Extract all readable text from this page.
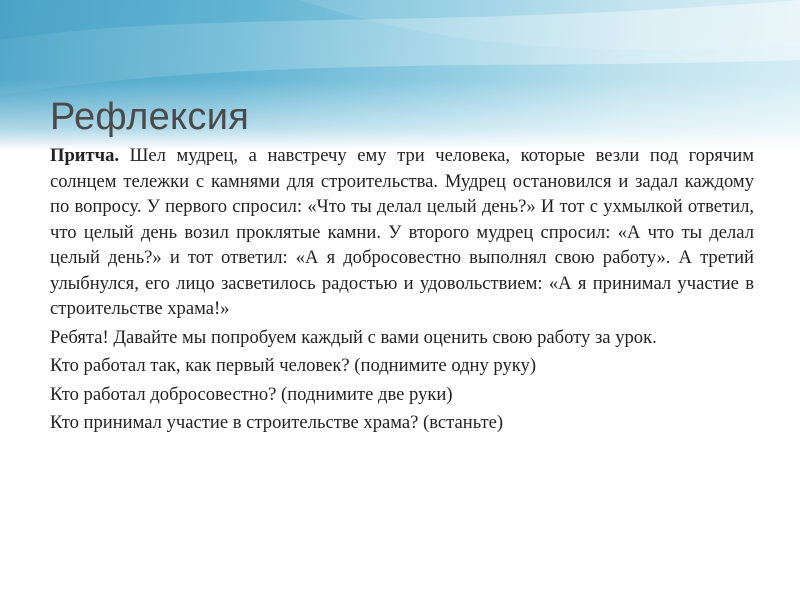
Рефлексия

Притча. Шел мудрец, а навстречу ему три человека, которые везли под горячим солнцем тележки с камнями для строительства. Мудрец остановился и задал каждому по вопросу. У первого спросил: «Что ты делал целый день?» И тот с ухмылкой ответил, что целый день возил проклятые камни. У второго мудрец спросил: «А что ты делал целый день?» и тот ответил: «А я добросовестно выполнял свою работу». А третий улыбнулся, его лицо засветилось радостью и удовольствием: «А я принимал участие в строительстве храма!»

Ребята! Давайте мы попробуем каждый с вами оценить свою работу за урок.

Кто работал так, как первый человек? (поднимите одну руку)

Кто работал добросовестно? (поднимите две руки)

Кто принимал участие в строительстве храма? (встаньте)
